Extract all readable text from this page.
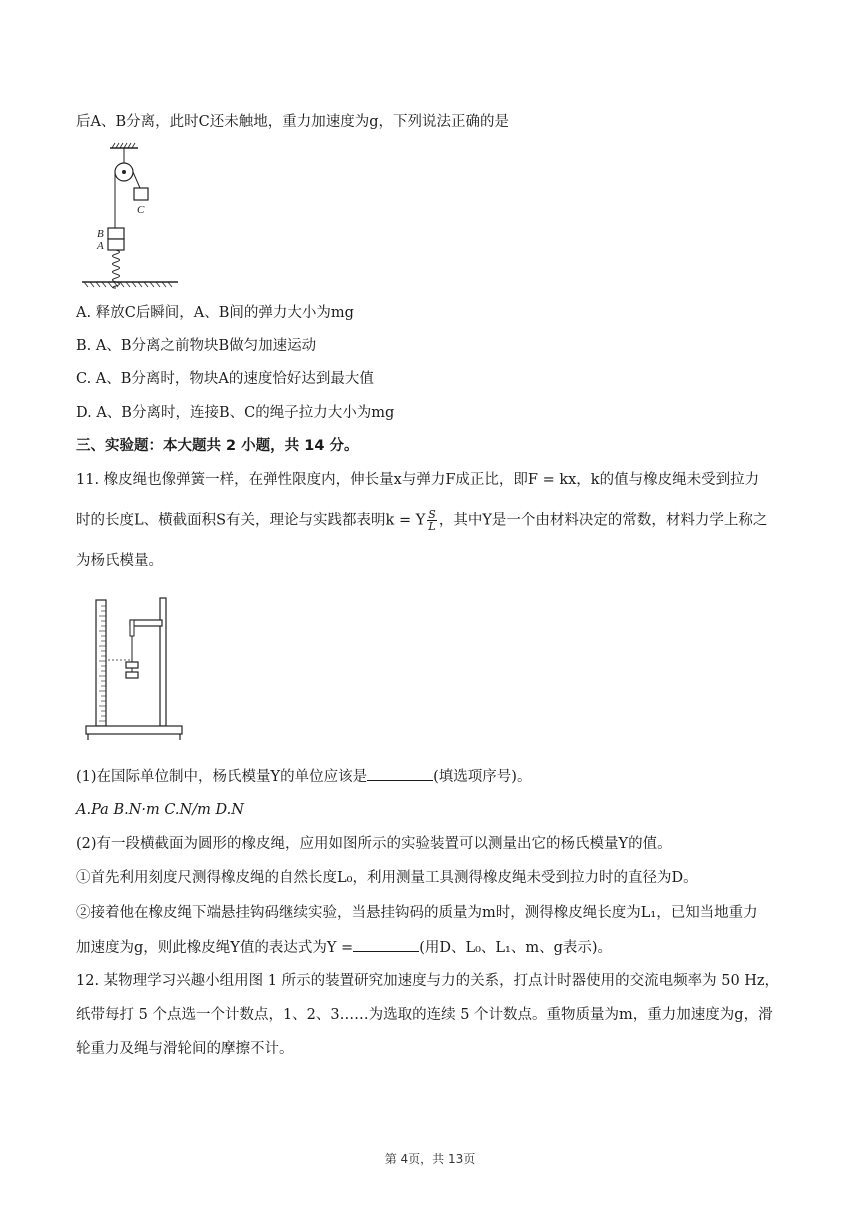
后A、B分离，此时C还未触地，重力加速度为g，下列说法正确的是
C
B
A
A. 释放C后瞬间，A、B间的弹力大小为mg
B. A、B分离之前物块B做匀加速运动
C. A、B分离时，物块A的速度恰好达到最大值
D. A、B分离时，连接B、C的绳子拉力大小为mg
三、实验题：本大题共 2 小题，共 14 分。
11. 橡皮绳也像弹簧一样，在弹性限度内，伸长量x与弹力F成正比，即F = kx，k的值与橡皮绳未受到拉力
时的长度L、横截面积S有关，理论与实践都表明k = Y $\frac{S}{L}$ ，其中Y是一个由材料决定的常数，材料力学上称之
为杨氏模量。
(1)在国际单位制中，杨氏模量Y的单位应该是	(填选项序号)。
A.Pa B.N·m C.N/m D.N
(2)有一段横截面为圆形的橡皮绳，应用如图所示的实验装置可以测量出它的杨氏模量Y的值。
①首先利用刻度尺测得橡皮绳的自然长度L₀，利用测量工具测得橡皮绳未受到拉力时的直径为D。
②接着他在橡皮绳下端悬挂钩码继续实验，当悬挂钩码的质量为m时，测得橡皮绳长度为L₁，已知当地重力
加速度为g，则此橡皮绳Y值的表达式为Y =	(用D、L₀、L₁、m、g表示)。
12. 某物理学习兴趣小组用图 1 所示的装置研究加速度与力的关系，打点计时器使用的交流电频率为 50 Hz，
纸带每打 5 个点选一个计数点，1、2、3……为选取的连续 5 个计数点。重物质量为m，重力加速度为g，滑
轮重力及绳与滑轮间的摩擦不计。
第 4页，共 13页
